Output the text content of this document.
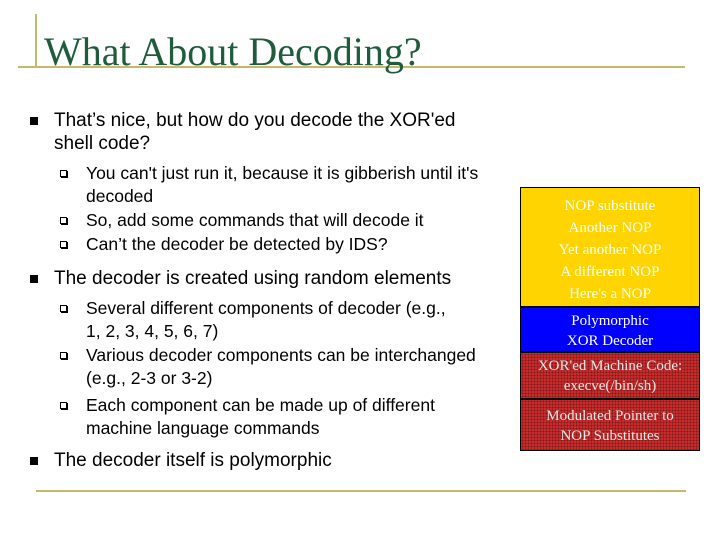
What About Decoding?
That’s nice, but how do you decode the XOR'ed
shell code?
You can't just run it, because it is gibberish until it's
decoded
So, add some commands that will decode it
Can’t the decoder be detected by IDS?
The decoder is created using random elements
Several different components of decoder (e.g.,
1, 2, 3, 4, 5, 6, 7)
Various decoder components can be interchanged
(e.g., 2-3 or 3-2)
Each component can be made up of different
machine language commands
The decoder itself is polymorphic
NOP substitute
Another NOP
Yet another NOP
A different NOP
Here's a NOP
Polymorphic
XOR Decoder
XOR'ed Machine Code:
execve(/bin/sh)
Modulated Pointer to
NOP Substitutes
